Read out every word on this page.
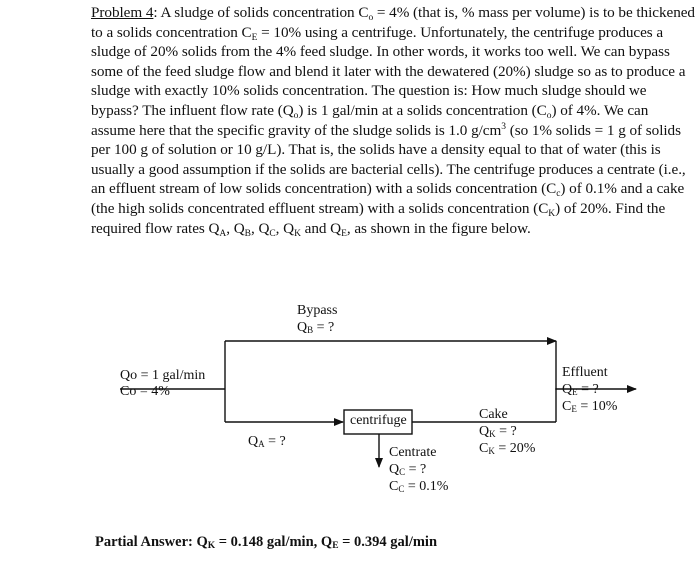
Problem 4: A sludge of solids concentration $C_o = 4\%$ (that is, % mass per volume) is to be thickened to a solids concentration $C_E = 10\%$ using a centrifuge. Unfortunately, the centrifuge produces a sludge of 20% solids from the 4% feed sludge. In other words, it works too well. We can bypass some of the feed sludge flow and blend it later with the dewatered (20%) sludge so as to produce a sludge with exactly 10% solids concentration. The question is: How much sludge should we bypass? The influent flow rate $(Q_o)$ is 1 gal/min at a solids concentration $(C_o)$ of 4%. We can assume here that the specific gravity of the sludge solids is 1.0 $g/cm^3$ (so 1% solids = 1 g of solids per 100 g of solution or 10 g/L). That is, the solids have a density equal to that of water (this is usually a good assumption if the solids are bacterial cells). The centrifuge produces a centrate (i.e., an effluent stream of low solids concentration) with a solids concentration $(C_c)$ of 0.1% and a cake (the high solids concentrated effluent stream) with a solids concentration $(C_K)$ of 20%. Find the required flow rates $Q_A$, $Q_B$, $Q_C$, $Q_K$ and $Q_E$, as shown in the figure below.

Bypass
$Q_B$ = ?
Qo = 1 gal/min
Co = 4%
centrifuge
$Q_A$ = ?
Centrate
$Q_C$ = ?
$C_C = 0.1\%$
Cake
$Q_K$ = ?
$C_K = 20\%$
Effluent
$Q_E$ = ?
$C_E = 10\%$
Partial Answer: $Q_K = 0.148$ gal/min, $Q_E = 0.394$ gal/min
